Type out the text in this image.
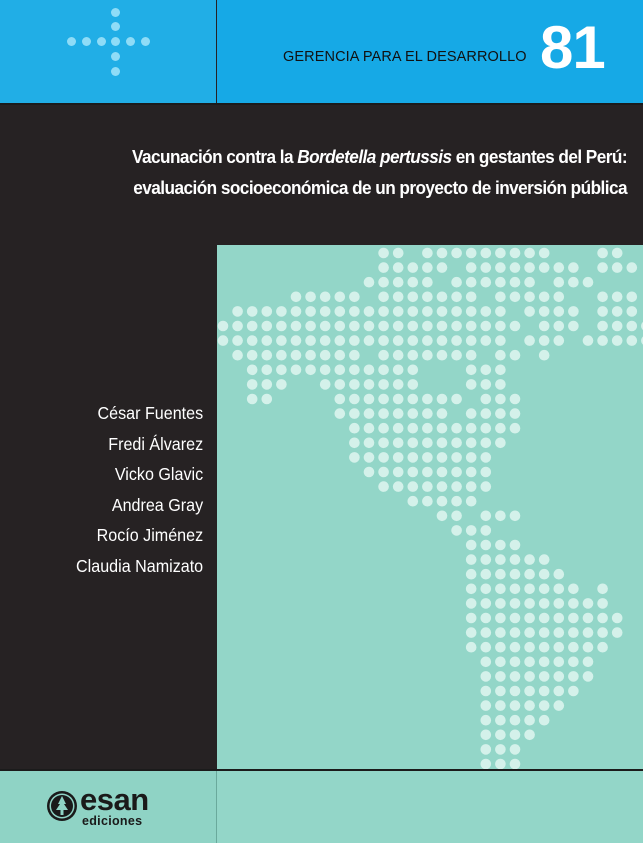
GERENCIA PARA EL DESARROLLO 81
Vacunación contra la Bordetella pertussis en gestantes del Perú:
evaluación socioeconómica de un proyecto de inversión pública
César Fuentes
Fredi Álvarez
Vicko Glavic
Andrea Gray
Rocío Jiménez
Claudia Namizato
esan
ediciones
